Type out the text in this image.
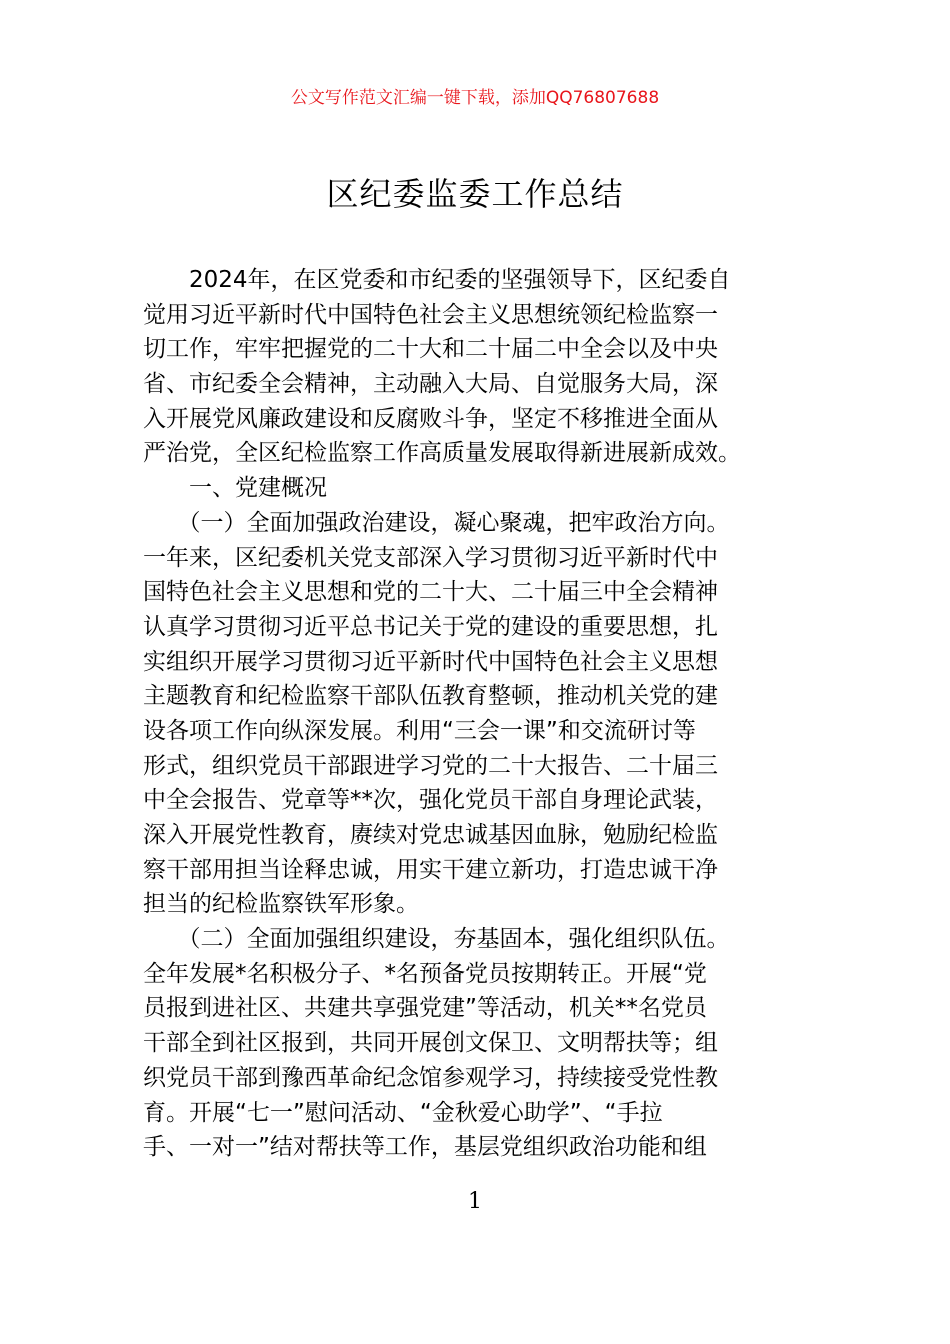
公文写作范文汇编一键下载，添加QQ76807688
区纪委监委工作总结
　　2024年，在区党委和市纪委的坚强领导下，区纪委自
觉用习近平新时代中国特色社会主义思想统领纪检监察一
切工作，牢牢把握党的二十大和二十届二中全会以及中央
省、市纪委全会精神，主动融入大局、自觉服务大局，深
入开展党风廉政建设和反腐败斗争，坚定不移推进全面从
严治党，全区纪检监察工作高质量发展取得新进展新成效。
　　一、党建概况
　　（一）全面加强政治建设，凝心聚魂，把牢政治方向。
一年来，区纪委机关党支部深入学习贯彻习近平新时代中
国特色社会主义思想和党的二十大、二十届三中全会精神
认真学习贯彻习近平总书记关于党的建设的重要思想，扎
实组织开展学习贯彻习近平新时代中国特色社会主义思想
主题教育和纪检监察干部队伍教育整顿，推动机关党的建
设各项工作向纵深发展。利用“三会一课”和交流研讨等
形式，组织党员干部跟进学习党的二十大报告、二十届三
中全会报告、党章等**次，强化党员干部自身理论武装，
深入开展党性教育，赓续对党忠诚基因血脉，勉励纪检监
察干部用担当诠释忠诚，用实干建立新功，打造忠诚干净
担当的纪检监察铁军形象。
　　（二）全面加强组织建设，夯基固本，强化组织队伍。
全年发展*名积极分子、*名预备党员按期转正。开展“党
员报到进社区、共建共享强党建”等活动，机关**名党员
干部全到社区报到，共同开展创文保卫、文明帮扶等；组
织党员干部到豫西革命纪念馆参观学习，持续接受党性教
育。开展“七一”慰问活动、“金秋爱心助学”、“手拉
手、一对一”结对帮扶等工作，基层党组织政治功能和组
1
